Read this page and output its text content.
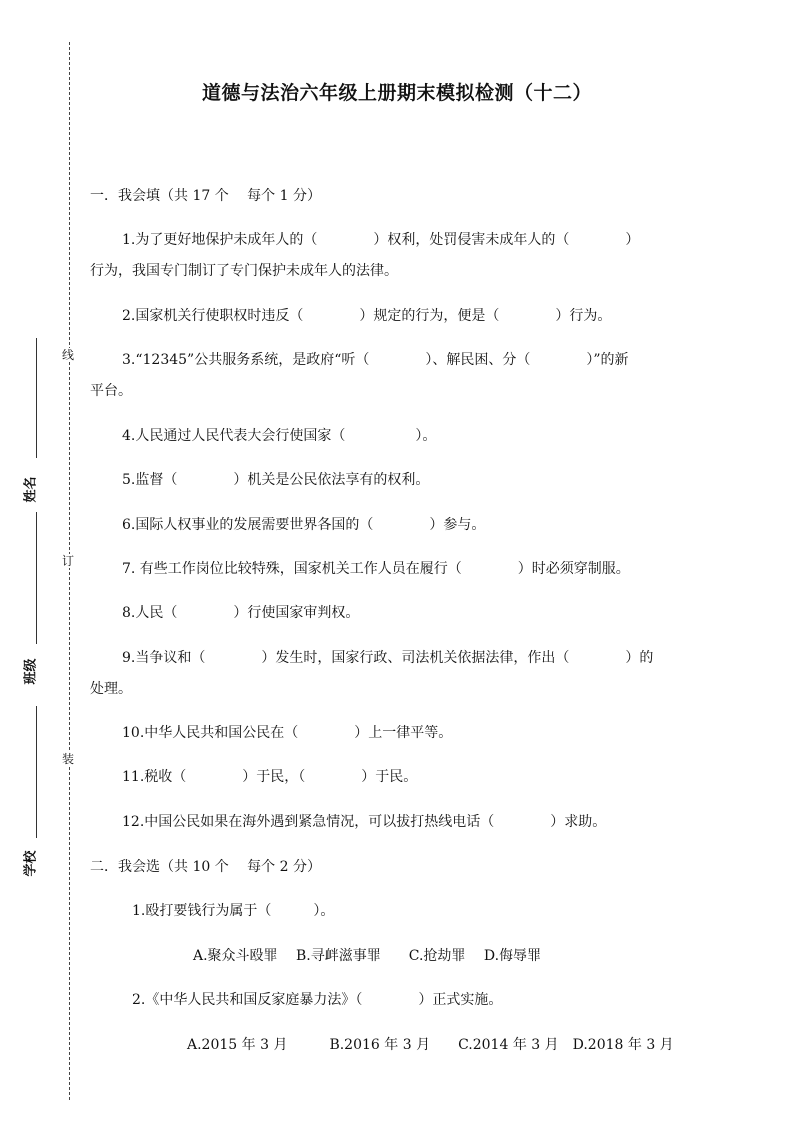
线
订
装
姓名
班级
学校
道德与法治六年级上册期末模拟检测（十二）
一．我会填（共 17 个　 每个 1 分）
1.为了更好地保护未成年人的（　　　　）权利，处罚侵害未成年人的（　　　　）
行为，我国专门制订了专门保护未成年人的法律。
2.国家机关行使职权时违反（　　　　）规定的行为，便是（　　　　）行为。
3.“12345”公共服务系统，是政府“听（　　　　）、解民困、分（　　　　）”的新
平台。
4.人民通过人民代表大会行使国家（　　　　　）。
5.监督（　　　　）机关是公民依法享有的权利。
6.国际人权事业的发展需要世界各国的（　　　　）参与。
7. 有些工作岗位比较特殊，国家机关工作人员在履行（　　　　）时必须穿制服。
8.人民（　　　　）行使国家审判权。
9.当争议和（　　　　）发生时，国家行政、司法机关依据法律，作出（　　　　）的
处理。
10.中华人民共和国公民在（　　　　）上一律平等。
11.税收（　　　　）于民，（　　　　）于民。
12.中国公民如果在海外遇到紧急情况，可以拔打热线电话（　　　　）求助。
二．我会选（共 10 个　 每个 2 分）
1.殴打要钱行为属于（　　　）。
A.聚众斗殴罪　 B.寻衅滋事罪　　C.抢劫罪　 D.侮辱罪
2.《中华人民共和国反家庭暴力法》（　　　　）正式实施。
A.2015 年 3 月　　　B.2016 年 3 月　　C.2014 年 3 月　D.2018 年 3 月
